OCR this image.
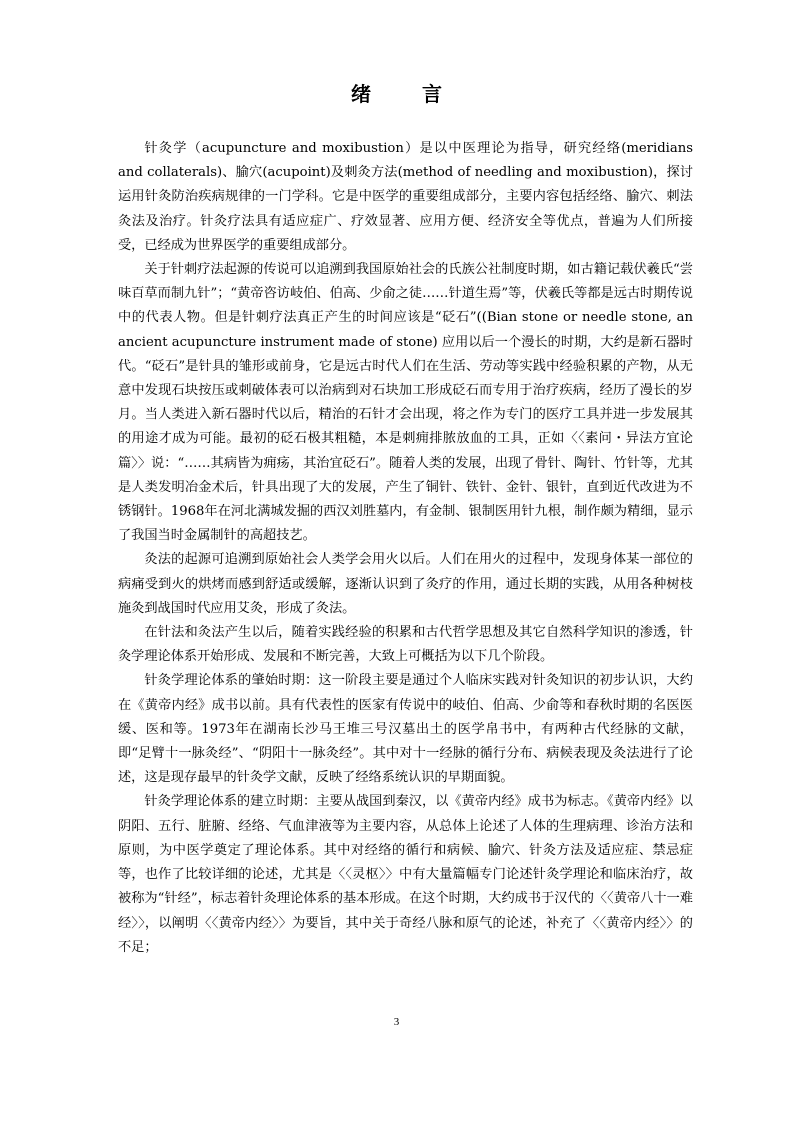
绪 言

针灸学（acupuncture and moxibustion）是以中医理论为指导，研究经络(meridians and collaterals)、腧穴(acupoint)及刺灸方法(method of needling and moxibustion)，探讨运用针灸防治疾病规律的一门学科。它是中医学的重要组成部分，主要内容包括经络、腧穴、刺法灸法及治疗。针灸疗法具有适应症广、疗效显著、应用方便、经济安全等优点，普遍为人们所接受，已经成为世界医学的重要组成部分。

关于针刺疗法起源的传说可以追溯到我国原始社会的氏族公社制度时期，如古籍记载伏羲氏“尝味百草而制九针”；“黄帝咨访岐伯、伯高、少俞之徒……针道生焉”等，伏羲氏等都是远古时期传说中的代表人物。但是针刺疗法真正产生的时间应该是“砭石”((Bian stone or needle stone, an ancient acupuncture instrument made of stone) 应用以后一个漫长的时期，大约是新石器时代。“砭石”是针具的雏形或前身，它是远古时代人们在生活、劳动等实践中经验积累的产物，从无意中发现石块按压或刺破体表可以治病到对石块加工形成砭石而专用于治疗疾病，经历了漫长的岁月。当人类进入新石器时代以后，精治的石针才会出现，将之作为专门的医疗工具并进一步发展其的用途才成为可能。最初的砭石极其粗糙，本是刺痈排脓放血的工具，正如〈〈素问・异法方宜论篇〉〉说：“……其病皆为痈疡，其治宜砭石”。随着人类的发展，出现了骨针、陶针、竹针等，尤其是人类发明冶金术后，针具出现了大的发展，产生了铜针、铁针、金针、银针，直到近代改进为不锈钢针。1968年在河北满城发掘的西汉刘胜墓内，有金制、银制医用针九根，制作颇为精细，显示了我国当时金属制针的高超技艺。

灸法的起源可追溯到原始社会人类学会用火以后。人们在用火的过程中，发现身体某一部位的病痛受到火的烘烤而感到舒适或缓解，逐渐认识到了灸疗的作用，通过长期的实践，从用各种树枝施灸到战国时代应用艾灸，形成了灸法。

在针法和灸法产生以后，随着实践经验的积累和古代哲学思想及其它自然科学知识的渗透，针灸学理论体系开始形成、发展和不断完善，大致上可概括为以下几个阶段。

针灸学理论体系的肇始时期：这一阶段主要是通过个人临床实践对针灸知识的初步认识，大约在《黄帝内经》成书以前。具有代表性的医家有传说中的岐伯、伯高、少俞等和春秋时期的名医医缓、医和等。1973年在湖南长沙马王堆三号汉墓出土的医学帛书中，有两种古代经脉的文献，即“足臂十一脉灸经”、“阴阳十一脉灸经”。其中对十一经脉的循行分布、病候表现及灸法进行了论述，这是现存最早的针灸学文献，反映了经络系统认识的早期面貌。

针灸学理论体系的建立时期：主要从战国到秦汉，以《黄帝内经》成书为标志。《黄帝内经》以阴阳、五行、脏腑、经络、气血津液等为主要内容，从总体上论述了人体的生理病理、诊治方法和原则，为中医学奠定了理论体系。其中对经络的循行和病候、腧穴、针灸方法及适应症、禁忌症等，也作了比较详细的论述，尤其是〈〈灵枢〉〉中有大量篇幅专门论述针灸学理论和临床治疗，故被称为“针经”，标志着针灸理论体系的基本形成。在这个时期，大约成书于汉代的〈〈黄帝八十一难经〉〉，以阐明〈〈黄帝内经〉〉为要旨，其中关于奇经八脉和原气的论述，补充了〈〈黄帝内经〉〉的不足；

3
